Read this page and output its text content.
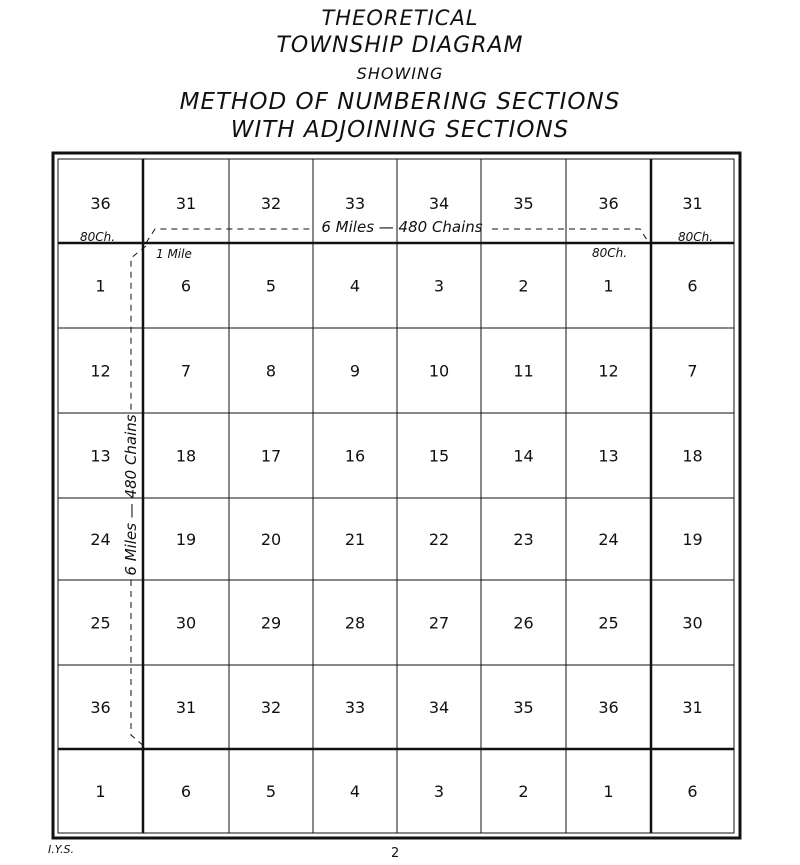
THEORETICAL
TOWNSHIP DIAGRAM
SHOWING
METHOD OF NUMBERING SECTIONS
WITH ADJOINING SECTIONS
36	31	32	33	34	35	36	31
1	6	5	4	3	2	1	6
12	7	8	9	10	11	12	7
13	18	17	16	15	14	13	18
24	19	20	21	22	23	24	19
25	30	29	28	27	26	25	30
36	31	32	33	34	35	36	31
1	6	5	4	3	2	1	6
6 Miles — 480 Chains
6 Miles — 480 Chains
80Ch.	80Ch.
1 Mile	80Ch.
I.Y.S.	2
